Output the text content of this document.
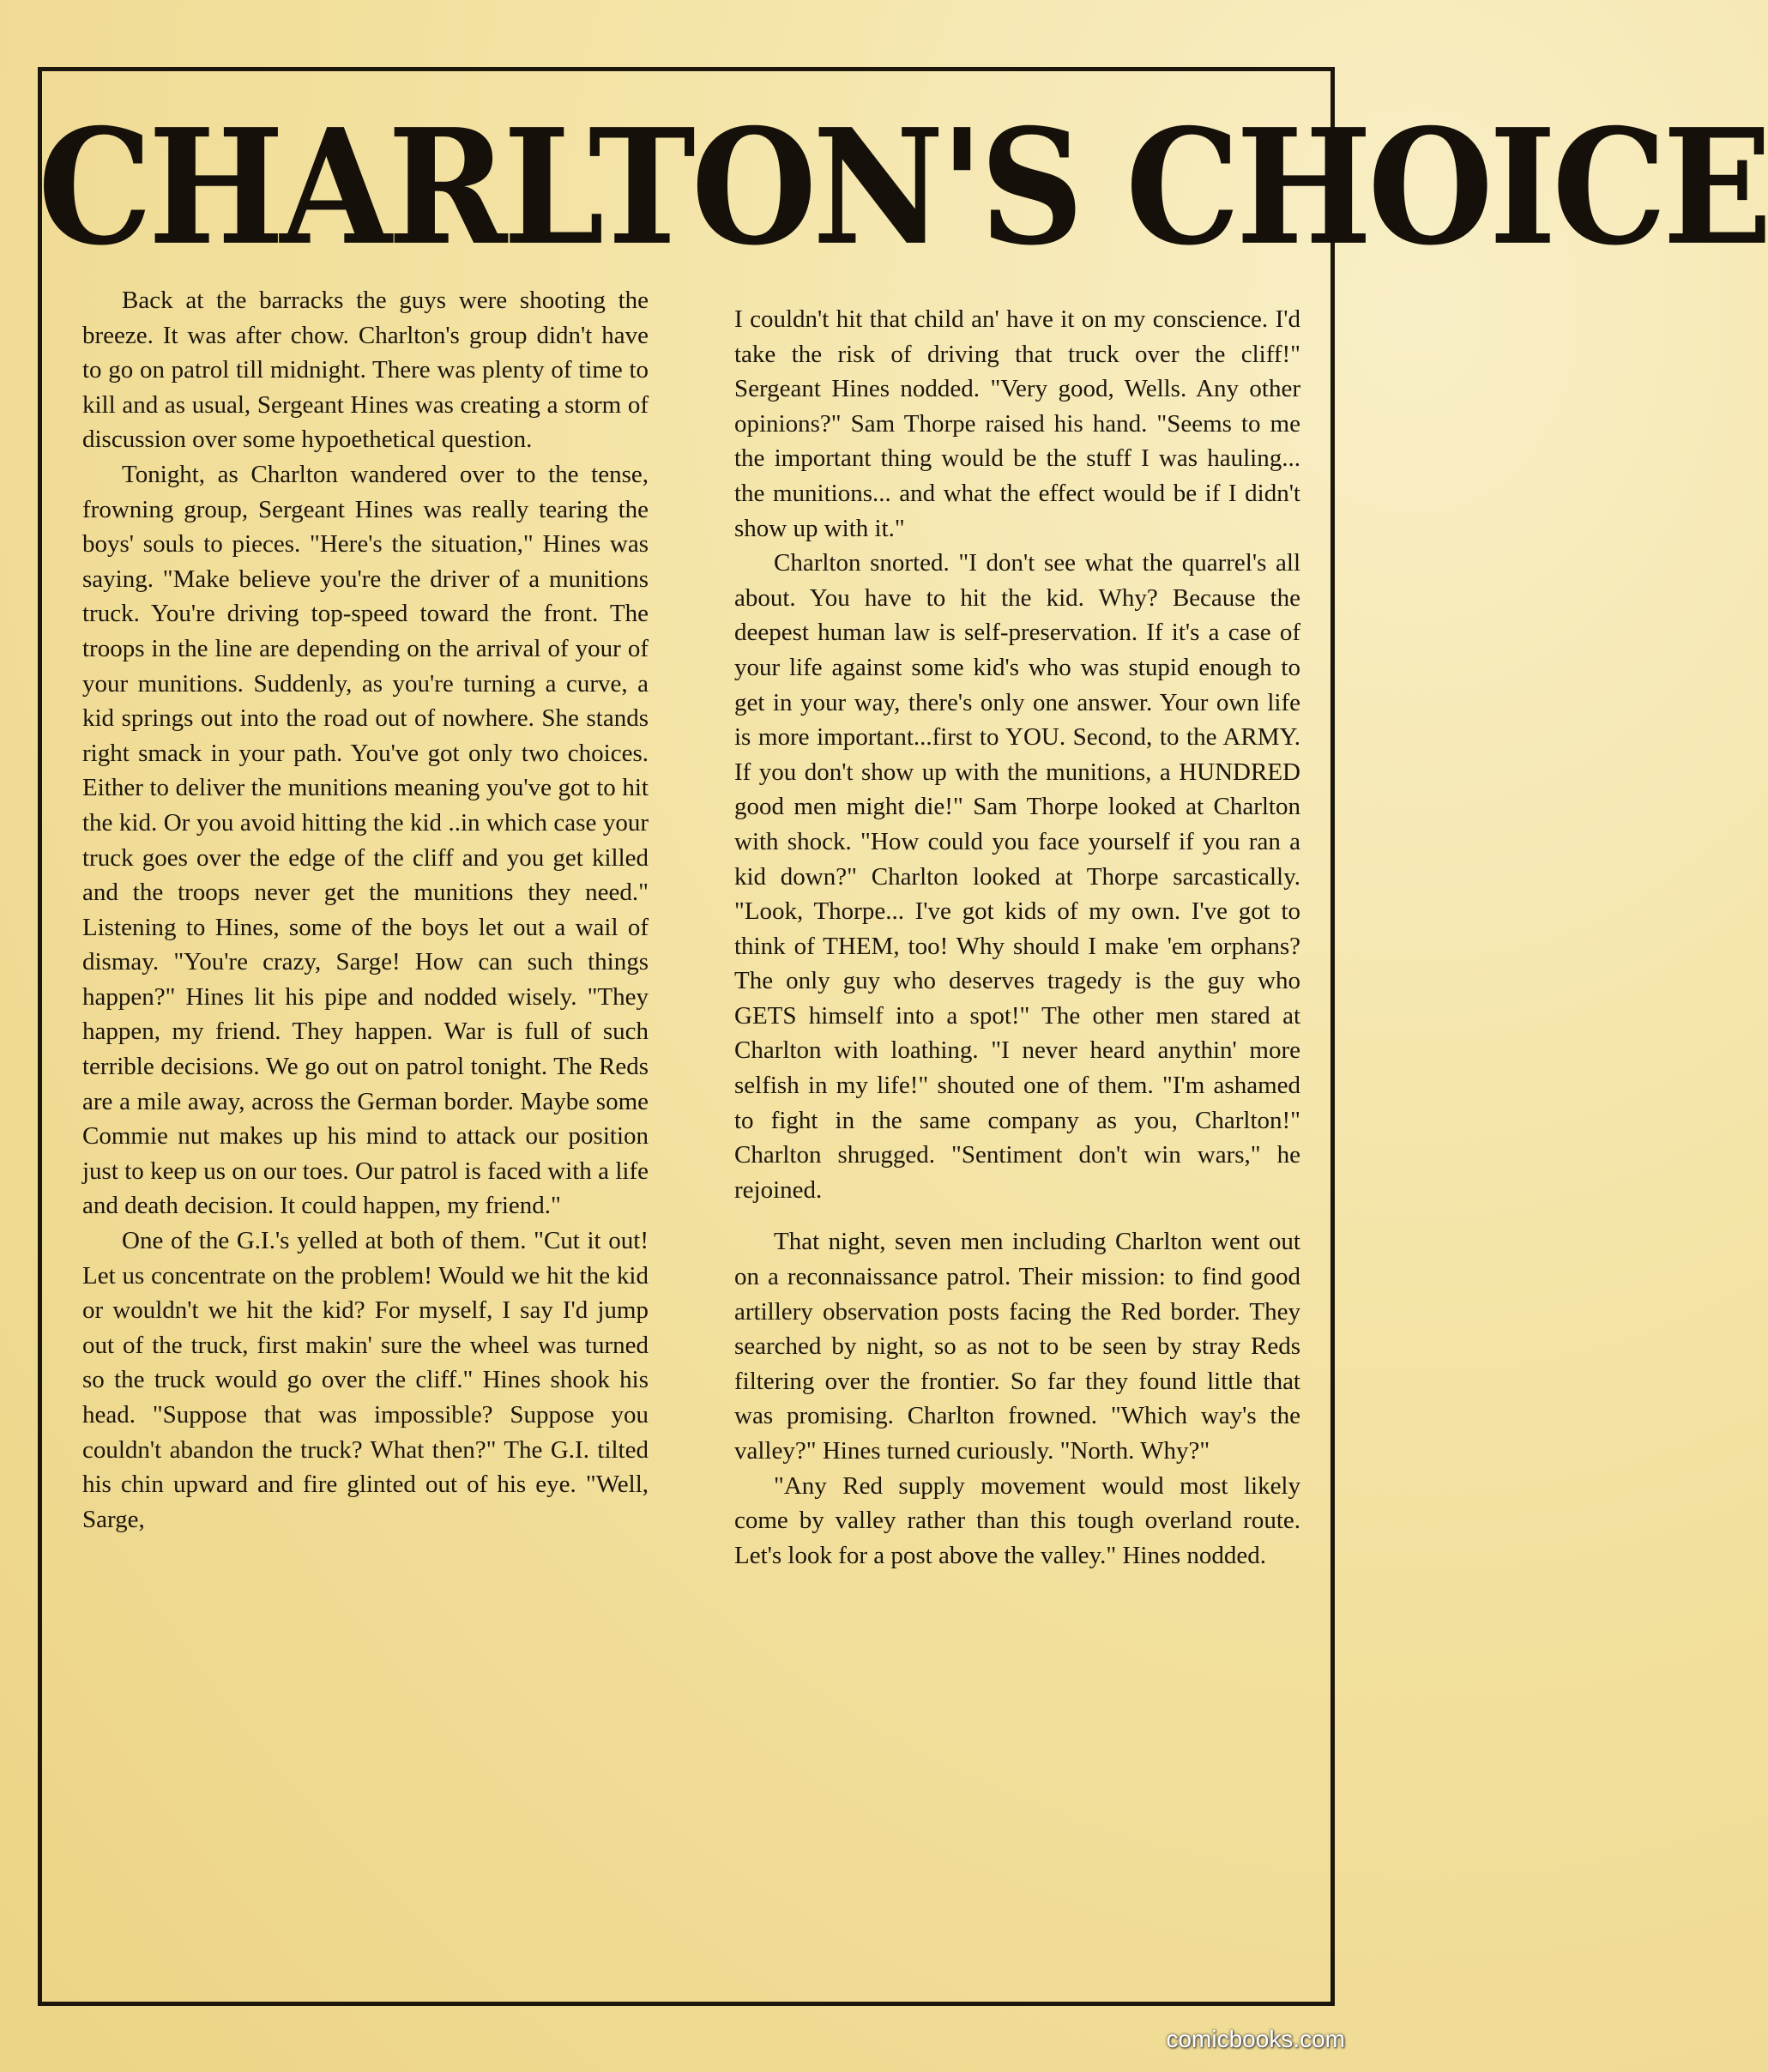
CHARLTON'S CHOICE

Back at the barracks the guys were shooting the breeze. It was after chow. Charlton's group didn't have to go on patrol till midnight. There was plenty of time to kill and as usual, Sergeant Hines was creating a storm of discussion over some hypoethetical question.

Tonight, as Charlton wandered over to the tense, frowning group, Sergeant Hines was really tearing the boys' souls to pieces. "Here's the situation," Hines was saying. "Make believe you're the driver of a munitions truck. You're driving top-speed toward the front. The troops in the line are depending on the arrival of your of your munitions. Suddenly, as you're turning a curve, a kid springs out into the road out of nowhere. She stands right smack in your path. You've got only two choices. Either to deliver the munitions meaning you've got to hit the kid. Or you avoid hitting the kid ..in which case your truck goes over the edge of the cliff and you get killed and the troops never get the munitions they need." Listening to Hines, some of the boys let out a wail of dismay. "You're crazy, Sarge! How can such things happen?" Hines lit his pipe and nodded wisely. "They happen, my friend. They happen. War is full of such terrible decisions. We go out on patrol tonight. The Reds are a mile away, across the German border. Maybe some Commie nut makes up his mind to attack our position just to keep us on our toes. Our patrol is faced with a life and death decision. It could happen, my friend."

One of the G.I.'s yelled at both of them. "Cut it out! Let us concentrate on the problem! Would we hit the kid or wouldn't we hit the kid? For myself, I say I'd jump out of the truck, first makin' sure the wheel was turned so the truck would go over the cliff." Hines shook his head. "Suppose that was impossible? Suppose you couldn't abandon the truck? What then?" The G.I. tilted his chin upward and fire glinted out of his eye. "Well, Sarge,

I couldn't hit that child an' have it on my conscience. I'd take the risk of driving that truck over the cliff!" Sergeant Hines nodded. "Very good, Wells. Any other opinions?" Sam Thorpe raised his hand. "Seems to me the important thing would be the stuff I was hauling... the munitions... and what the effect would be if I didn't show up with it."

Charlton snorted. "I don't see what the quarrel's all about. You have to hit the kid. Why? Because the deepest human law is self-preservation. If it's a case of your life against some kid's who was stupid enough to get in your way, there's only one answer. Your own life is more important...first to YOU. Second, to the ARMY. If you don't show up with the munitions, a HUNDRED good men might die!" Sam Thorpe looked at Charlton with shock. "How could you face yourself if you ran a kid down?" Charlton looked at Thorpe sarcastically. "Look, Thorpe... I've got kids of my own. I've got to think of THEM, too! Why should I make 'em orphans? The only guy who deserves tragedy is the guy who GETS himself into a spot!" The other men stared at Charlton with loathing. "I never heard anythin' more selfish in my life!" shouted one of them. "I'm ashamed to fight in the same company as you, Charlton!" Charlton shrugged. "Sentiment don't win wars," he rejoined.

That night, seven men including Charlton went out on a reconnaissance patrol. Their mission: to find good artillery observation posts facing the Red border. They searched by night, so as not to be seen by stray Reds filtering over the frontier. So far they found little that was promising. Charlton frowned. "Which way's the valley?" Hines turned curiously. "North. Why?"

"Any Red supply movement would most likely come by valley rather than this tough overland route. Let's look for a post above the valley." Hines nodded.

comicbooks.com
